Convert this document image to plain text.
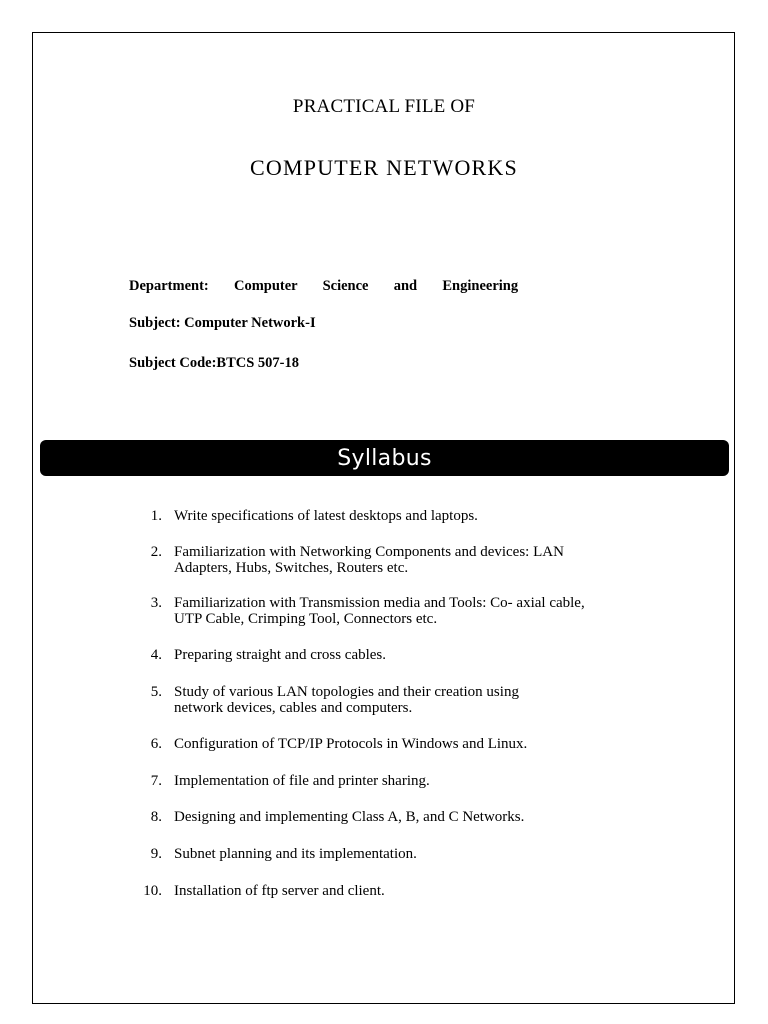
PRACTICAL FILE OF
COMPUTER NETWORKS
Department:  Computer  Science  and  Engineering
Subject: Computer Network-I
Subject Code:BTCS 507-18
Syllabus
1. Write specifications of latest desktops and laptops.
2. Familiarization with Networking Components and devices: LAN
Adapters, Hubs, Switches, Routers etc.
3. Familiarization with Transmission media and Tools: Co- axial cable,
UTP Cable, Crimping Tool, Connectors etc.
4. Preparing straight and cross cables.
5. Study of various LAN topologies and their creation using
network devices, cables and computers.
6. Configuration of TCP/IP Protocols in Windows and Linux.
7. Implementation of file and printer sharing.
8. Designing and implementing Class A, B, and C Networks.
9. Subnet planning and its implementation.
10. Installation of ftp server and client.
